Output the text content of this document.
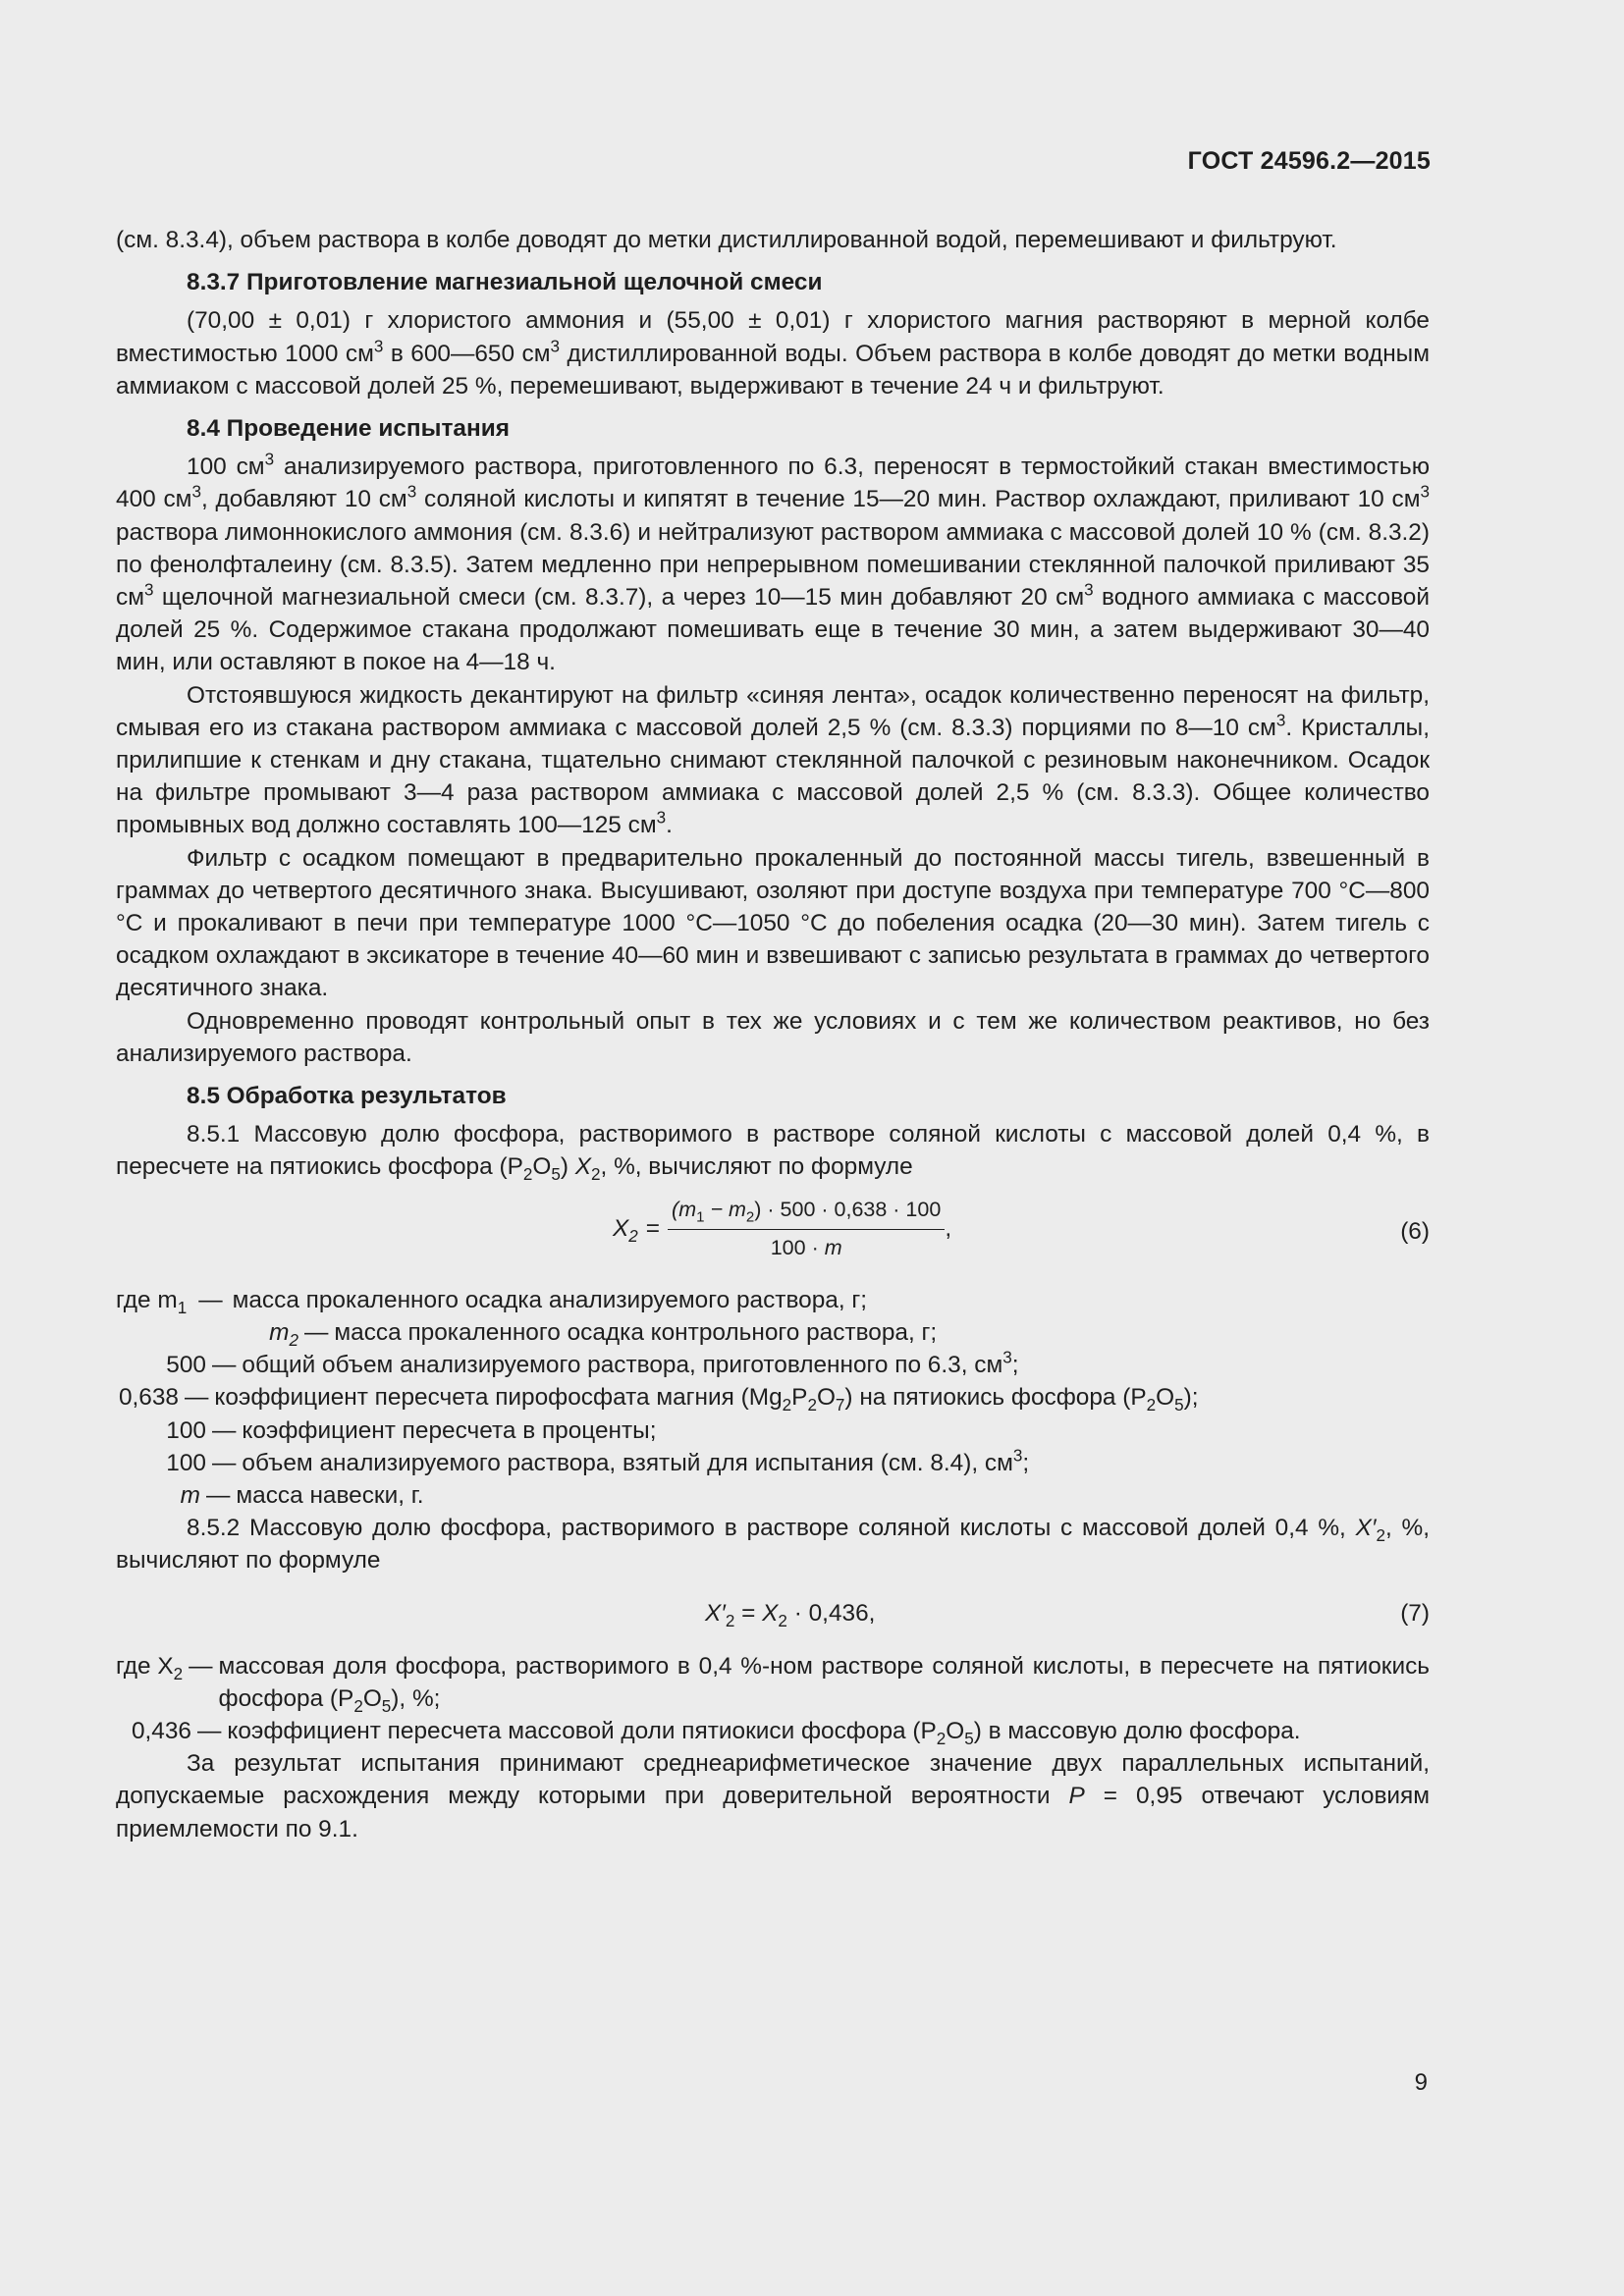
ГОСТ 24596.2—2015

(см. 8.3.4), объем раствора в колбе доводят до метки дистиллированной водой, перемешивают и фильтруют.

8.3.7 Приготовление магнезиальной щелочной смеси

(70,00 ± 0,01) г хлористого аммония и (55,00 ± 0,01) г хлористого магния растворяют в мерной колбе вместимостью 1000 $см^3$ в 600—650 $см^3$ дистиллированной воды. Объем раствора в колбе доводят до метки водным аммиаком с массовой долей 25 %, перемешивают, выдерживают в течение 24 ч и фильтруют.

8.4 Проведение испытания

100 $см^3$ анализируемого раствора, приготовленного по 6.3, переносят в термостойкий стакан вместимостью 400 $см^3$, добавляют 10 $см^3$ соляной кислоты и кипятят в течение 15—20 мин. Раствор охлаждают, приливают 10 $см^3$ раствора лимоннокислого аммония (см. 8.3.6) и нейтрализуют раствором аммиака с массовой долей 10 % (см. 8.3.2) по фенолфталеину (см. 8.3.5). Затем медленно при непрерывном помешивании стеклянной палочкой приливают 35 $см^3$ щелочной магнезиальной смеси (см. 8.3.7), а через 10—15 мин добавляют 20 $см^3$ водного аммиака с массовой долей 25 %. Содержимое стакана продолжают помешивать еще в течение 30 мин, а затем выдерживают 30—40 мин, или оставляют в покое на 4—18 ч.

Отстоявшуюся жидкость декантируют на фильтр «синяя лента», осадок количественно переносят на фильтр, смывая его из стакана раствором аммиака с массовой долей 2,5 % (см. 8.3.3) порциями по 8—10 $см^3$. Кристаллы, прилипшие к стенкам и дну стакана, тщательно снимают стеклянной палочкой с резиновым наконечником. Осадок на фильтре промывают 3—4 раза раствором аммиака с массовой долей 2,5 % (см. 8.3.3). Общее количество промывных вод должно составлять 100—125 $см^3$.

Фильтр с осадком помещают в предварительно прокаленный до постоянной массы тигель, взвешенный в граммах до четвертого десятичного знака. Высушивают, озоляют при доступе воздуха при температуре 700 °С—800 °С и прокаливают в печи при температуре 1000 °С—1050 °С до побеления осадка (20—30 мин). Затем тигель с осадком охлаждают в эксикаторе в течение 40—60 мин и взвешивают с записью результата в граммах до четвертого десятичного знака.

Одновременно проводят контрольный опыт в тех же условиях и с тем же количеством реактивов, но без анализируемого раствора.

8.5 Обработка результатов

8.5.1 Массовую долю фосфора, растворимого в растворе соляной кислоты с массовой долей 0,4 %, в пересчете на пятиокись фосфора $(P_2O_5)$ $X_2$, %, вычисляют по формуле

$X_2 = \frac{(m_1 - m_2) \cdot 500 \cdot 0,638 \cdot 100}{100 \cdot m}$ ,	(6)
где $m_1$ — масса прокаленного осадка анализируемого раствора, г;
$m_2$ — масса прокаленного осадка контрольного раствора, г;
500 — общий объем анализируемого раствора, приготовленного по 6.3, $см^3$;
0,638 — коэффициент пересчета пирофосфата магния $(Mg_2P_2O_7)$ на пятиокись фосфора $(P_2O_5)$;
100 — коэффициент пересчета в проценты;
100 — объем анализируемого раствора, взятый для испытания (см. 8.4), $см^3$;
m — масса навески, г.

8.5.2 Массовую долю фосфора, растворимого в растворе соляной кислоты с массовой долей 0,4 %, $X'_2$, %, вычисляют по формуле

$X'_2 = X_2 \cdot 0,436$,	(7)
где $X_2$ — массовая доля фосфора, растворимого в 0,4 %-ном растворе соляной кислоты, в пересчете на пятиокись фосфора $(P_2O_5)$, %;
0,436 — коэффициент пересчета массовой доли пятиокиси фосфора $(P_2O_5)$ в массовую долю фосфора.

За результат испытания принимают среднеарифметическое значение двух параллельных испытаний, допускаемые расхождения между которыми при доверительной вероятности P = 0,95 отвечают условиям приемлемости по 9.1.

9
